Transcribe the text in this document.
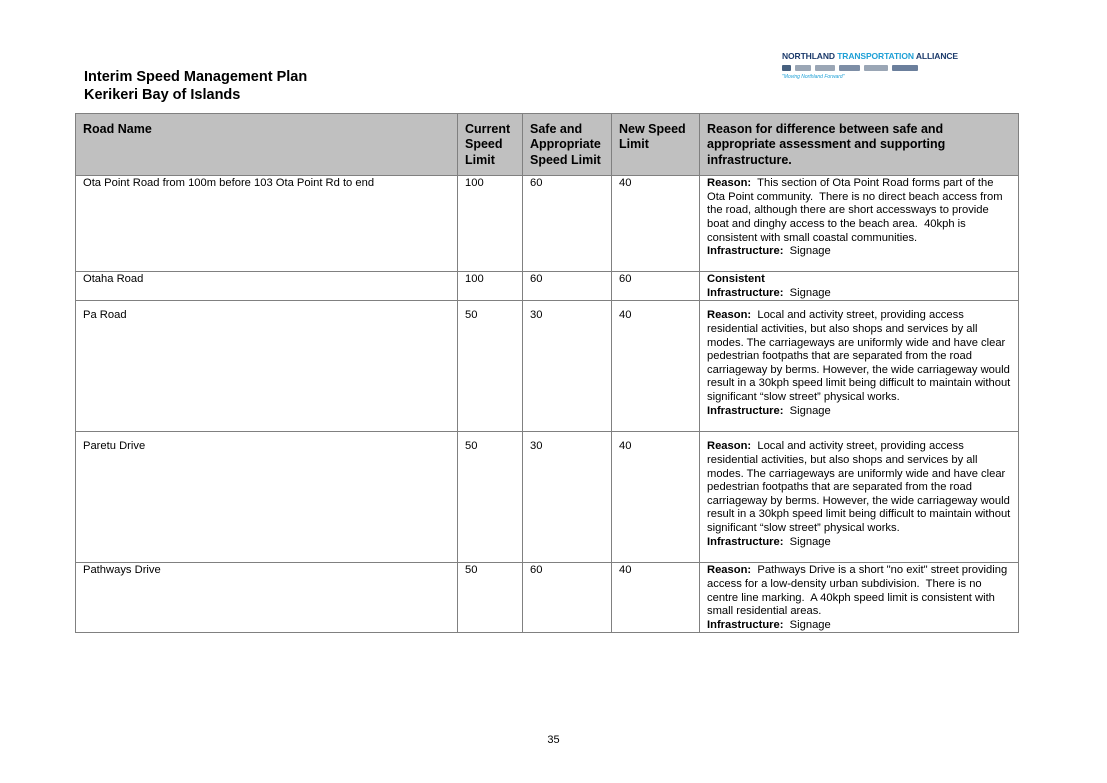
Interim Speed Management Plan
Kerikeri Bay of Islands
NORTHLAND TRANSPORTATION ALLIANCE
"Moving Northland Forward"
Road Name	Current Speed Limit	Safe and Appropriate Speed Limit	New Speed Limit	Reason for difference between safe and appropriate assessment and supporting infrastructure.
Ota Point Road from 100m before 103 Ota Point Rd to end	100	60	40	Reason:  This section of Ota Point Road forms part of the Ota Point community.  There is no direct beach access from the road, although there are short accessways to provide boat and dinghy access to the beach area.  40kph is consistent with small coastal communities.
Infrastructure:  Signage

Otaha Road	100	60	60	Consistent
Infrastructure:  Signage

Pa Road	50	30	40	Reason:  Local and activity street, providing access residential activities, but also shops and services by all modes. The carriageways are uniformly wide and have clear pedestrian footpaths that are separated from the road carriageway by berms. However, the wide carriageway would result in a 30kph speed limit being difficult to maintain without significant “slow street” physical works.
Infrastructure:  Signage

Paretu Drive	50	30	40	Reason:  Local and activity street, providing access residential activities, but also shops and services by all modes. The carriageways are uniformly wide and have clear pedestrian footpaths that are separated from the road carriageway by berms. However, the wide carriageway would result in a 30kph speed limit being difficult to maintain without significant “slow street” physical works.
Infrastructure:  Signage

Pathways Drive	50	60	40	Reason:  Pathways Drive is a short "no exit" street providing access for a low-density urban subdivision.  There is no centre line marking.  A 40kph speed limit is consistent with small residential areas.
Infrastructure:  Signage
35
